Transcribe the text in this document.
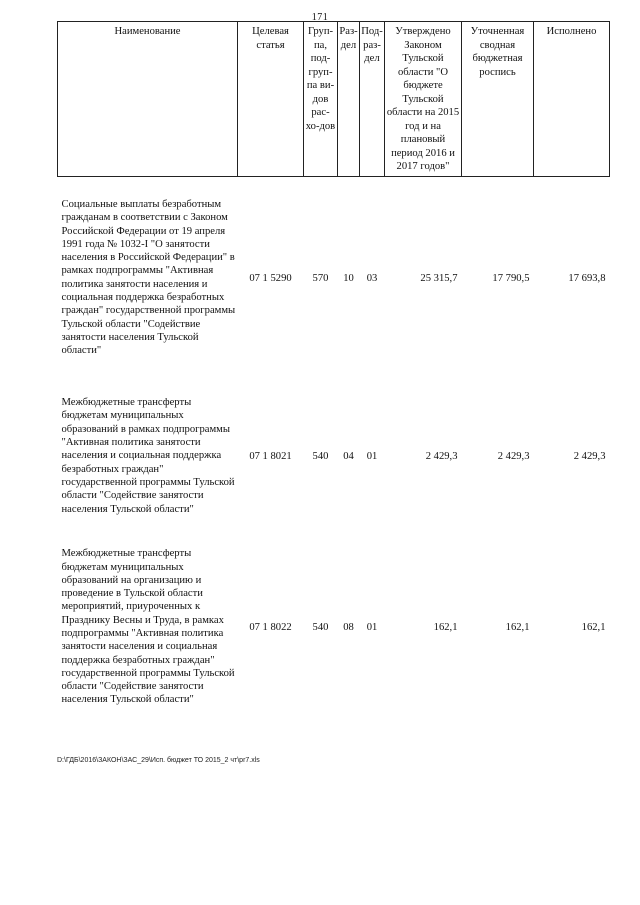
171
Наименование	Целевая статья	Груп-па, под-груп-па ви-дов рас-хо-дов	Раз-дел	Под-раз-дел	Утверждено Законом Тульской области "О бюджете Тульской области на 2015 год и на плановый период 2016 и 2017 годов"	Уточненная сводная бюджетная роспись	Исполнено
Социальные выплаты безработным гражданам в соответствии с Законом Российской Федерации от 19 апреля 1991 года № 1032-I "О занятости населения в Российской Федерации" в рамках подпрограммы "Активная политика занятости населения и социальная поддержка безработных граждан" государственной программы Тульской области "Содействие занятости населения Тульской области"	07 1 5290	570	10	03	25 315,7	17 790,5	17 693,8
Межбюджетные трансферты бюджетам муниципальных образований в рамках подпрограммы "Активная политика занятости населения и социальная поддержка безработных граждан" государственной программы Тульской области "Содействие занятости населения Тульской области"	07 1 8021	540	04	01	2 429,3	2 429,3	2 429,3
Межбюджетные трансферты бюджетам муниципальных образований на организацию и проведение в Тульской области мероприятий, приуроченных к Празднику Весны и Труда, в рамках подпрограммы "Активная политика занятости населения и социальная поддержка безработных граждан" государственной программы Тульской области "Содействие занятости населения Тульской области"	07 1 8022	540	08	01	162,1	162,1	162,1
D:\ГДБ\2016\ЗАКОН\ЗАС_29\Исп. бюджет ТО 2015_2 чт\pr7.xls
